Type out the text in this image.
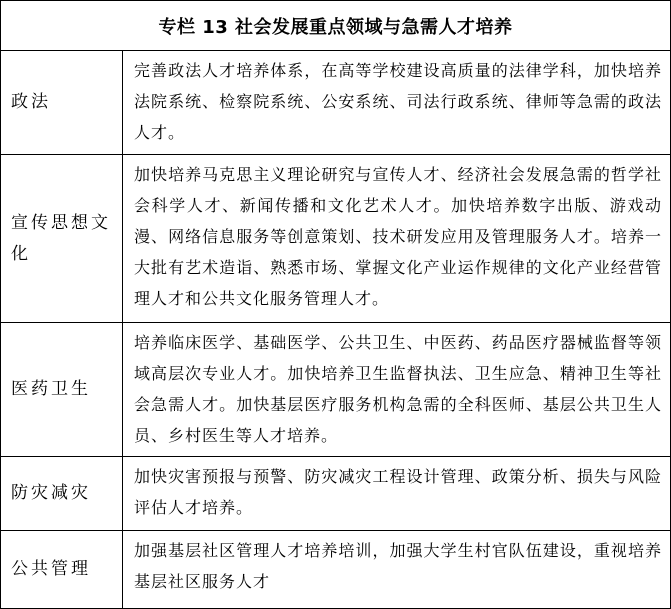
专栏 13 社会发展重点领域与急需人才培养
政法
完善政法人才培养体系，在高等学校建设高质量的法律学科，加快培养法院系统、检察院系统、公安系统、司法行政系统、律师等急需的政法人才。
宣传思想文化
加快培养马克思主义理论研究与宣传人才、经济社会发展急需的哲学社会科学人才、新闻传播和文化艺术人才。加快培养数字出版、游戏动漫、网络信息服务等创意策划、技术研发应用及管理服务人才。培养一大批有艺术造诣、熟悉市场、掌握文化产业运作规律的文化产业经营管理人才和公共文化服务管理人才。
医药卫生
培养临床医学、基础医学、公共卫生、中医药、药品医疗器械监督等领域高层次专业人才。加快培养卫生监督执法、卫生应急、精神卫生等社会急需人才。加快基层医疗服务机构急需的全科医师、基层公共卫生人员、乡村医生等人才培养。
防灾减灾
加快灾害预报与预警、防灾减灾工程设计管理、政策分析、损失与风险评估人才培养。
公共管理
加强基层社区管理人才培养培训，加强大学生村官队伍建设，重视培养基层社区服务人才
